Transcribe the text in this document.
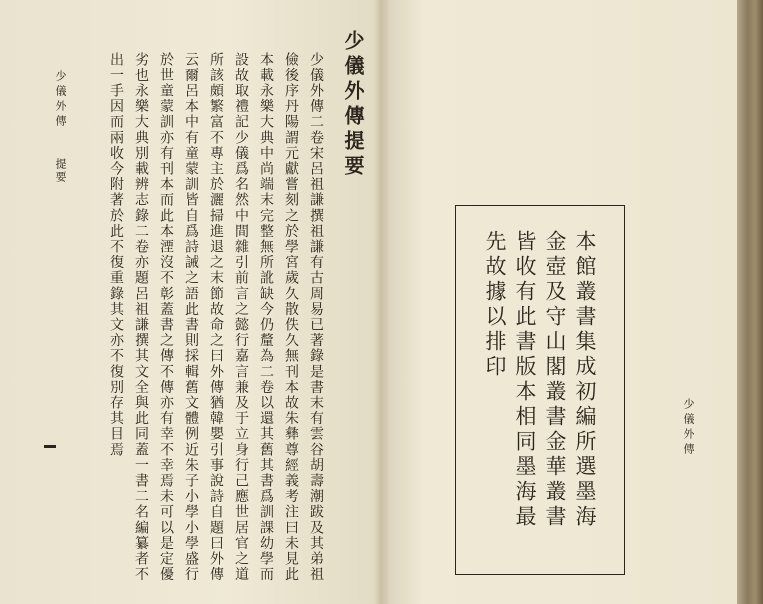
少儀外傳
提要	少儀外傳提要

少儀外傳二卷宋呂祖謙撰祖謙有古周易已著錄是書末有雲谷胡壽潮跋及其弟祖儉後序丹陽謂元獻嘗刻之於學宮歲久散佚久無刊本故朱彝尊經義考注曰未見此本載永樂大典中尚端末完整無所訛缺今仍釐為二卷以還其舊其書爲訓課幼學而設故取禮記少儀爲名然中間雜引前言之懿行嘉言兼及于立身行己應世居官之道所該頗繁富不專主於灑掃進退之末節故命之曰外傳猶韓嬰引事說詩自題曰外傳云爾呂本中有童蒙訓皆自爲詩誡之語此書則採輯舊文體例近朱子小學小學盛行於世童蒙訓亦有刊本而此本湮沒不彰蓋書之傳不傳亦有幸不幸焉未可以是定優劣也永樂大典別載辨志錄二卷亦題呂祖謙撰其文全與此同蓋一書二名編纂者不出一手因而兩收今附著於此不復重錄其文亦不復別存其目焉	少儀外傳
本館叢書集成初編所選墨海金壺及守山閣叢書金華叢書皆收有此書版本相同墨海最先故據以排印
